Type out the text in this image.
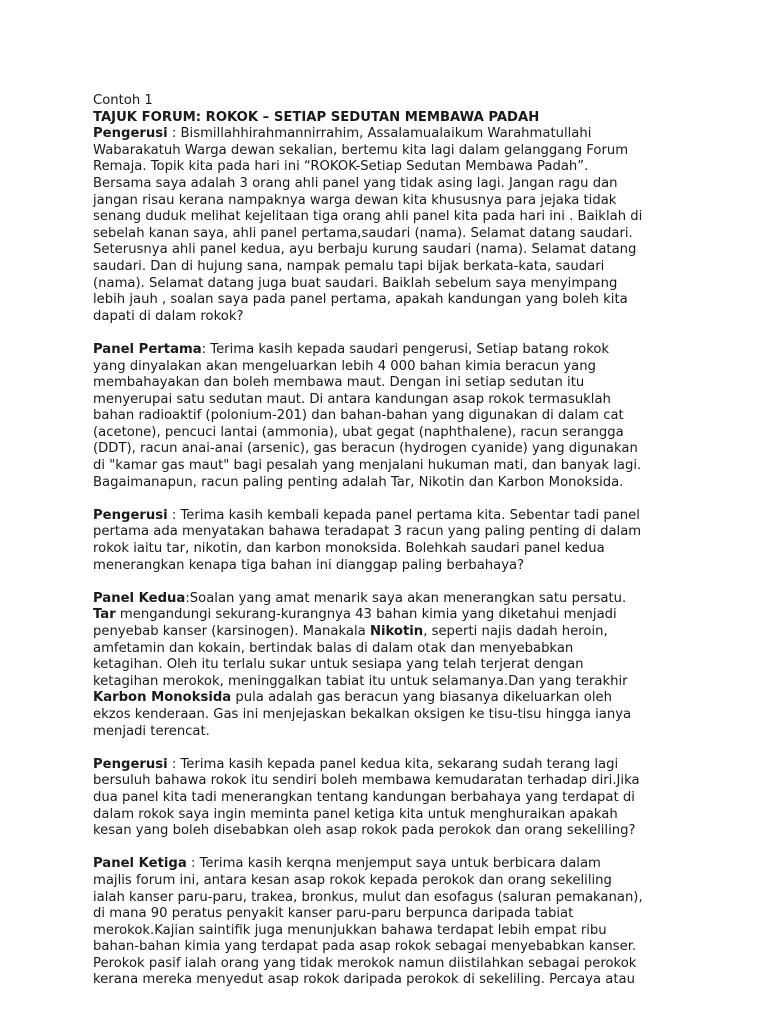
Contoh 1
TAJUK FORUM: ROKOK – SETIAP SEDUTAN MEMBAWA PADAH
Pengerusi : Bismillahhirahmannirrahim, Assalamualaikum Warahmatullahi
Wabarakatuh Warga dewan sekalian, bertemu kita lagi dalam gelanggang Forum
Remaja. Topik kita pada hari ini “ROKOK-Setiap Sedutan Membawa Padah”.
Bersama saya adalah 3 orang ahli panel yang tidak asing lagi. Jangan ragu dan
jangan risau kerana nampaknya warga dewan kita khususnya para jejaka tidak
senang duduk melihat kejelitaan tiga orang ahli panel kita pada hari ini . Baiklah di
sebelah kanan saya, ahli panel pertama,saudari (nama). Selamat datang saudari.
Seterusnya ahli panel kedua, ayu berbaju kurung saudari (nama). Selamat datang
saudari. Dan di hujung sana, nampak pemalu tapi bijak berkata-kata, saudari
(nama). Selamat datang juga buat saudari. Baiklah sebelum saya menyimpang
lebih jauh , soalan saya pada panel pertama, apakah kandungan yang boleh kita
dapati di dalam rokok?
Panel Pertama: Terima kasih kepada saudari pengerusi, Setiap batang rokok
yang dinyalakan akan mengeluarkan lebih 4 000 bahan kimia beracun yang
membahayakan dan boleh membawa maut. Dengan ini setiap sedutan itu
menyerupai satu sedutan maut. Di antara kandungan asap rokok termasuklah
bahan radioaktif (polonium-201) dan bahan-bahan yang digunakan di dalam cat
(acetone), pencuci lantai (ammonia), ubat gegat (naphthalene), racun serangga
(DDT), racun anai-anai (arsenic), gas beracun (hydrogen cyanide) yang digunakan
di "kamar gas maut" bagi pesalah yang menjalani hukuman mati, dan banyak lagi.
Bagaimanapun, racun paling penting adalah Tar, Nikotin dan Karbon Monoksida.
Pengerusi : Terima kasih kembali kepada panel pertama kita. Sebentar tadi panel
pertama ada menyatakan bahawa teradapat 3 racun yang paling penting di dalam
rokok iaitu tar, nikotin, dan karbon monoksida. Bolehkah saudari panel kedua
menerangkan kenapa tiga bahan ini dianggap paling berbahaya?
Panel Kedua:Soalan yang amat menarik saya akan menerangkan satu persatu.
Tar mengandungi sekurang-kurangnya 43 bahan kimia yang diketahui menjadi
penyebab kanser (karsinogen). Manakala Nikotin, seperti najis dadah heroin,
amfetamin dan kokain, bertindak balas di dalam otak dan menyebabkan
ketagihan. Oleh itu terlalu sukar untuk sesiapa yang telah terjerat dengan
ketagihan merokok, meninggalkan tabiat itu untuk selamanya.Dan yang terakhir
Karbon Monoksida pula adalah gas beracun yang biasanya dikeluarkan oleh
ekzos kenderaan. Gas ini menjejaskan bekalkan oksigen ke tisu-tisu hingga ianya
menjadi terencat.
Pengerusi : Terima kasih kepada panel kedua kita, sekarang sudah terang lagi
bersuluh bahawa rokok itu sendiri boleh membawa kemudaratan terhadap diri.Jika
dua panel kita tadi menerangkan tentang kandungan berbahaya yang terdapat di
dalam rokok saya ingin meminta panel ketiga kita untuk menghuraikan apakah
kesan yang boleh disebabkan oleh asap rokok pada perokok dan orang sekeliling?
Panel Ketiga : Terima kasih kerqna menjemput saya untuk berbicara dalam
majlis forum ini, antara kesan asap rokok kepada perokok dan orang sekeliling
ialah kanser paru-paru, trakea, bronkus, mulut dan esofagus (saluran pemakanan),
di mana 90 peratus penyakit kanser paru-paru berpunca daripada tabiat
merokok.Kajian saintifik juga menunjukkan bahawa terdapat lebih empat ribu
bahan-bahan kimia yang terdapat pada asap rokok sebagai menyebabkan kanser.
Perokok pasif ialah orang yang tidak merokok namun diistilahkan sebagai perokok
kerana mereka menyedut asap rokok daripada perokok di sekeliling. Percaya atau
